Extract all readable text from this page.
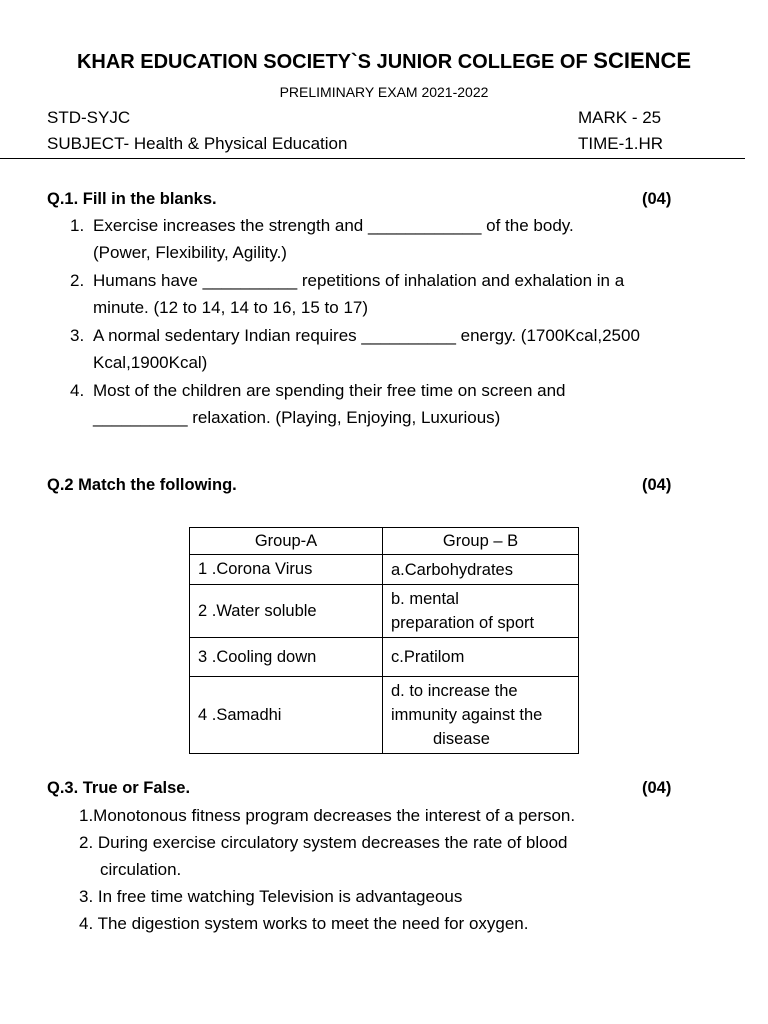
KHAR EDUCATION SOCIETY`S JUNIOR COLLEGE OF SCIENCE
PRELIMINARY EXAM 2021-2022
STD-SYJC	MARK - 25
SUBJECT- Health & Physical Education	TIME-1.HR
Q.1. Fill in the blanks.	(04)
1. Exercise increases the strength and ____________ of the body.
(Power, Flexibility, Agility.)
2. Humans have __________ repetitions of inhalation and exhalation in a
minute. (12 to 14, 14 to 16, 15 to 17)
3. A normal sedentary Indian requires __________ energy. (1700Kcal,2500
Kcal,1900Kcal)
4. Most of the children are spending their free time on screen and
__________ relaxation. (Playing, Enjoying, Luxurious)
Q.2 Match the following.	(04)
Group-A	Group – B
1 .Corona Virus	a.Carbohydrates

2 .Water soluble	b. mental
preparation of sport

3 .Cooling down	c.Pratilom

4 .Samadhi	d. to increase the
immunity against the
disease
Q.3. True or False.	(04)
1.Monotonous fitness program decreases the interest of a person.
2. During exercise circulatory system decreases the rate of blood
circulation.
3. In free time watching Television is advantageous
4. The digestion system works to meet the need for oxygen.
